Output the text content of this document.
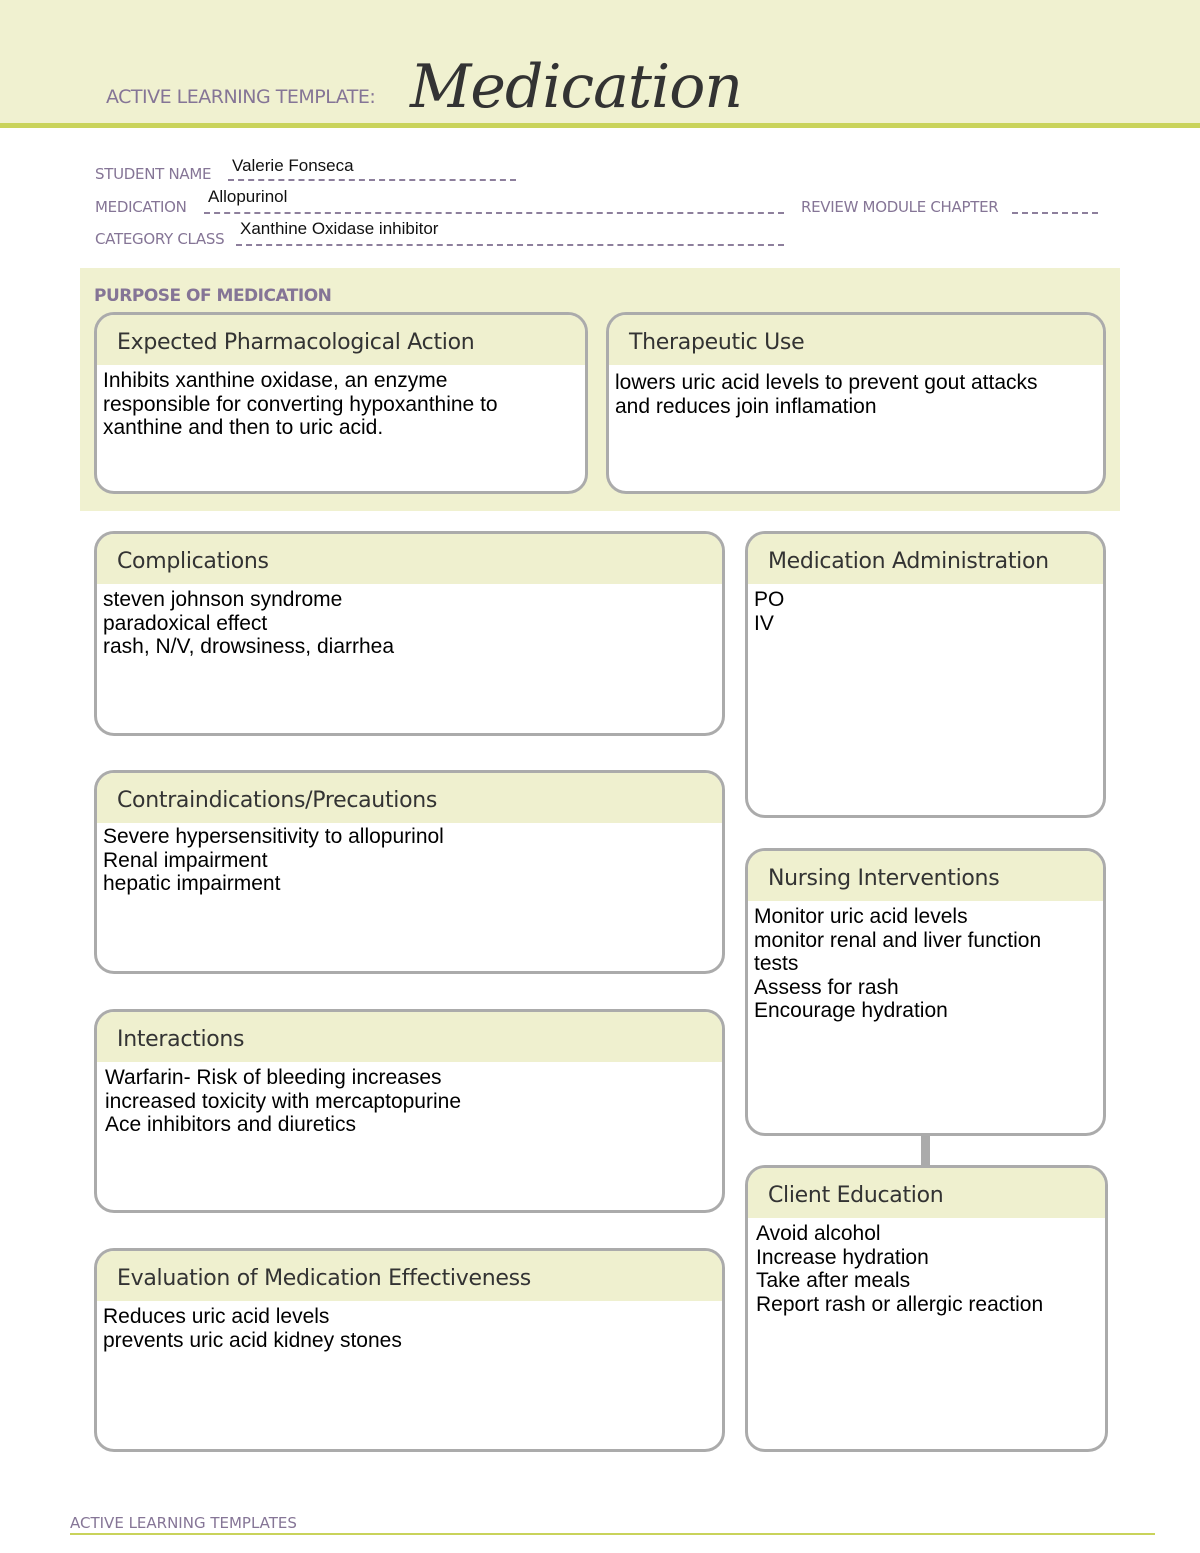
ACTIVE LEARNING TEMPLATE: Medication
STUDENT NAME Valerie Fonseca
MEDICATION
Allopurinol
REVIEW MODULE CHAPTER
CATEGORY CLASS
Xanthine Oxidase inhibitor
PURPOSE OF MEDICATION
Expected Pharmacological Action
Inhibits xanthine oxidase, an enzyme
responsible for converting hypoxanthine to
xanthine and then to uric acid.
Therapeutic Use
lowers uric acid levels to prevent gout attacks
and reduces join inflamation
Complications
steven johnson syndrome
paradoxical effect
rash, N/V, drowsiness, diarrhea
Medication Administration
PO
IV
Contraindications/Precautions
Severe hypersensitivity to allopurinol
Renal impairment
hepatic impairment	Nursing Interventions
Monitor uric acid levels
monitor renal and liver function
tests
Assess for rash
Encourage hydration
Interactions
Warfarin- Risk of bleeding increases
increased toxicity with mercaptopurine
Ace inhibitors and diuretics
Client Education
Avoid alcohol
Increase hydration
Take after meals
Report rash or allergic reaction
Evaluation of Medication Effectiveness
Reduces uric acid levels
prevents uric acid kidney stones
ACTIVE LEARNING TEMPLATES
